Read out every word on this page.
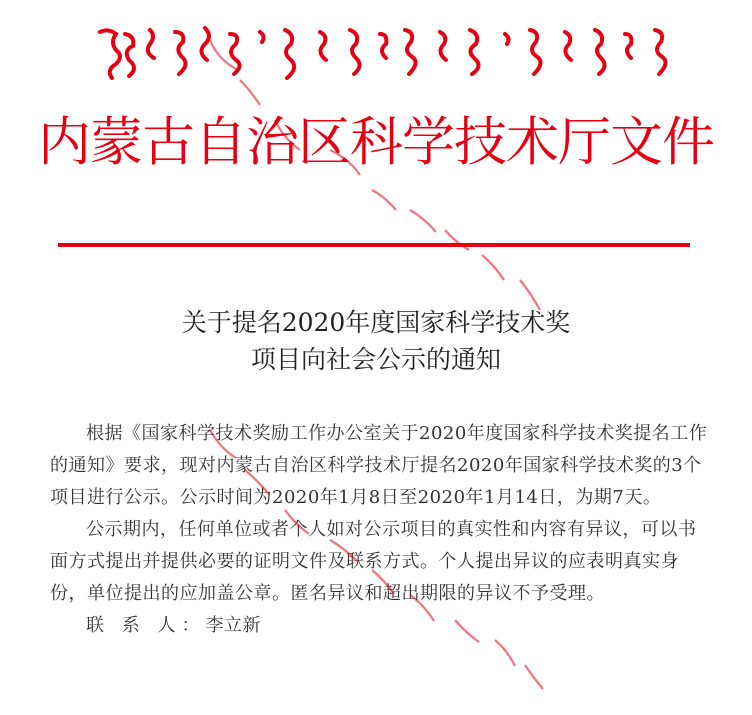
内蒙古自治区科学技术厅文件
关于提名2020年度国家科学技术奖
项目向社会公示的通知

根据《国家科学技术奖励工作办公室关于2020年度国家科学技术奖提名工作的通知》要求，现对内蒙古自治区科学技术厅提名2020年国家科学技术奖的3个项目进行公示。公示时间为2020年1月8日至2020年1月14日，为期7天。

公示期内，任何单位或者个人如对公示项目的真实性和内容有异议，可以书面方式提出并提供必要的证明文件及联系方式。个人提出异议的应表明真实身份，单位提出的应加盖公章。匿名异议和超出期限的异议不予受理。

联 系 人：李立新
